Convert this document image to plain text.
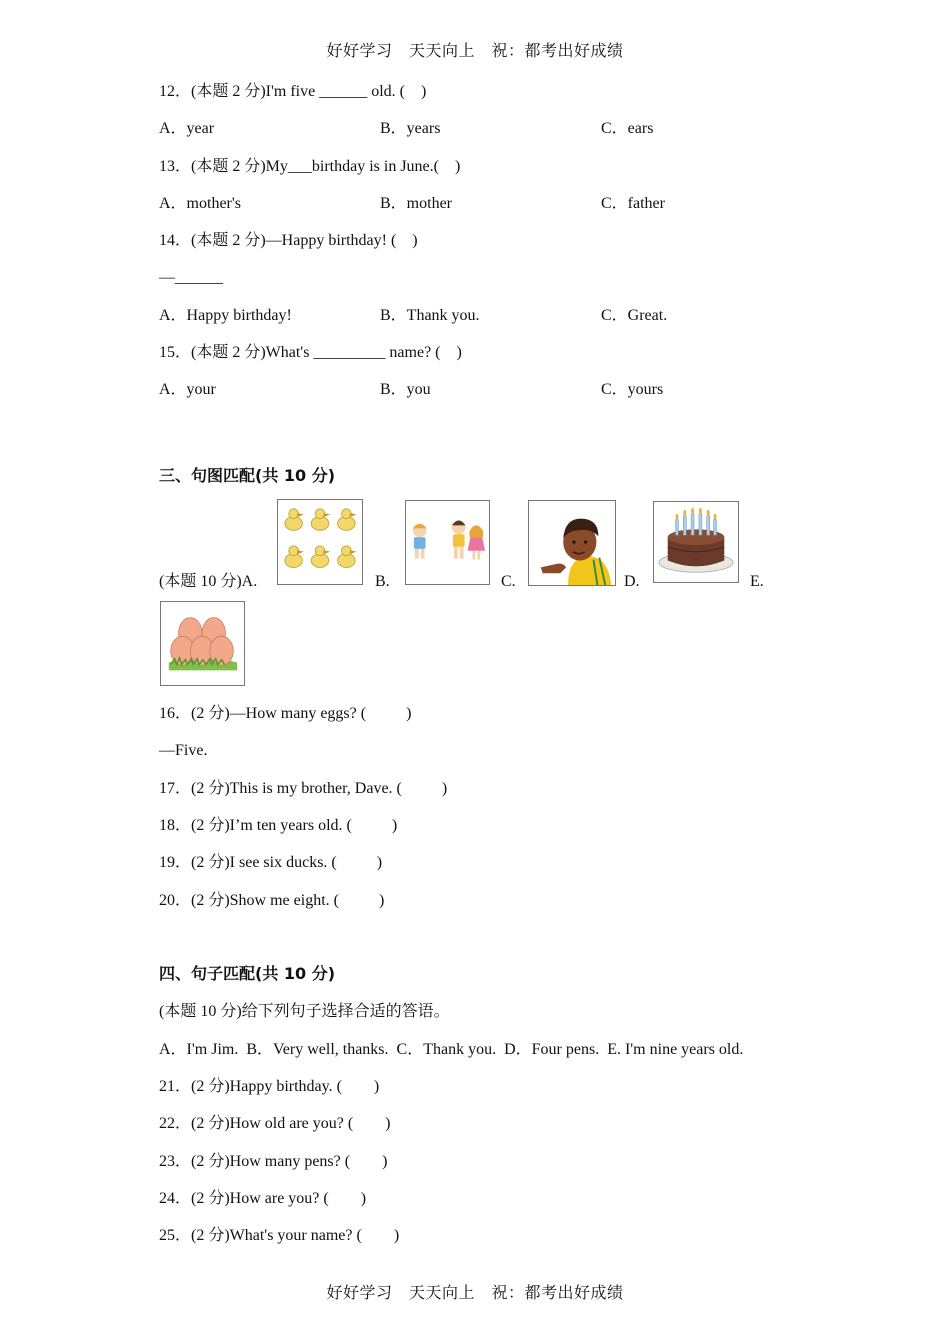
好好学习　天天向上　祝：都考出好成绩
12．(本题 2 分)I'm five ______ old. (    )
A．year	B．years	C．ears
13．(本题 2 分)My___birthday is in June.(    )
A．mother's	B．mother	C．father
14．(本题 2 分)—Happy birthday! (    )
—______
A．Happy birthday!	B．Thank you.	C．Great.
15．(本题 2 分)What's _________ name? (    )
A．your	B．you	C．yours
三、句图匹配(共 10 分)
(本题 10 分)A.	B.	C.	D.	E.
16．(2 分)—How many eggs? (          )
—Five.
17．(2 分)This is my brother, Dave. (          )
18．(2 分)I’m ten years old. (          )
19．(2 分)I see six ducks. (          )
20．(2 分)Show me eight. (          )
四、句子匹配(共 10 分)
(本题 10 分)给下列句子选择合适的答语。
A．I'm Jim.  B．Very well, thanks.  C．Thank you.  D．Four pens.  E. I'm nine years old.
21．(2 分)Happy birthday. (        )
22．(2 分)How old are you? (        )
23．(2 分)How many pens? (        )
24．(2 分)How are you? (        )
25．(2 分)What's your name? (        )
好好学习　天天向上　祝：都考出好成绩
